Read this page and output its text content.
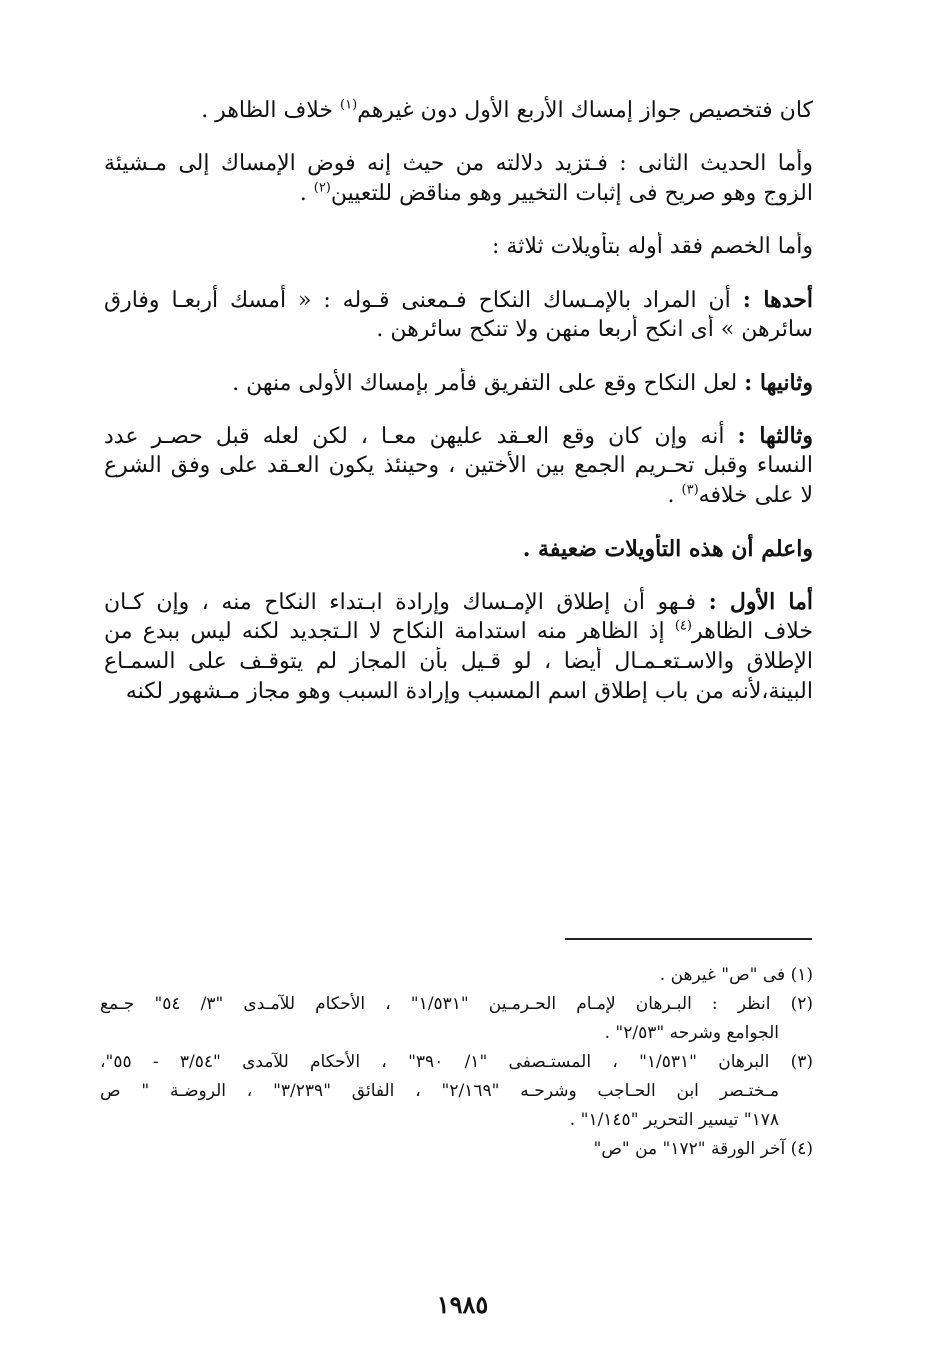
كان فتخصيص جواز إمساك الأربع الأول دون غيرهم$^{(١)}$ خلاف الظاهر .
وأما الحديث الثانى : فـتزيد دلالته من حيث إنه فوض الإمساك إلى مـشيئة
الزوج وهو صريح فى إثبات التخيير وهو مناقض للتعيين$^{(٢)}$ .
وأما الخصم فقد أوله بتأويلات ثلاثة :
أحدها : أن المراد بالإمـساك النكاح فـمعنى قـوله : « أمسك أربعـا وفارق
سائرهن » أى انكح أربعا منهن ولا تنكح سائرهن .
وثانيها : لعل النكاح وقع على التفريق فأمر بإمساك الأولى منهن .
وثالثها : أنه وإن كان وقع العـقد عليهن معـا ، لكن لعله قبل حصـر عدد
النساء وقبل تحـريم الجمع بين الأختين ، وحينئذ يكون العـقد على وفق الشرع
لا على خلافه$^{(٣)}$ .
واعلم أن هذه التأويلات ضعيفة .
أما الأول : فـهو أن إطلاق الإمـساك وإرادة ابـتداء النكاح منه ، وإن كـان
خلاف الظاهر$^{(٤)}$ إذ الظاهر منه استدامة النكاح لا الـتجديد لكنه ليس ببدع من
الإطلاق والاسـتعـمـال أيضا ، لو قـيل بأن المجاز لم يتوقـف على السمـاع
البينة،لأنه من باب إطلاق اسم المسبب وإرادة السبب وهو مجاز مـشهور لكنه
(١) فى "ص" غيرهن .
(٢) انظر : البـرهان لإمـام الحـرمـين "١/٥٣١" ، الأحكام للآمـدى "٣/ ٥٤" جـمع
الجوامع وشرحه "٢/٥٣" .
(٣) البرهان "١/٥٣١" ، المستـصفى "١/ ٣٩٠" ، الأحكام للآمدى "٣/٥٤ - ٥٥"،
مـختـصر ابن الحـاجب وشرحـه "٢/١٦٩" ، الفائق "٣/٢٣٩" ، الروضـة " ص
١٧٨" تيسير التحرير "١/١٤٥" .
(٤) آخر الورقة "١٧٢" من "ص"
١٩٨٥
